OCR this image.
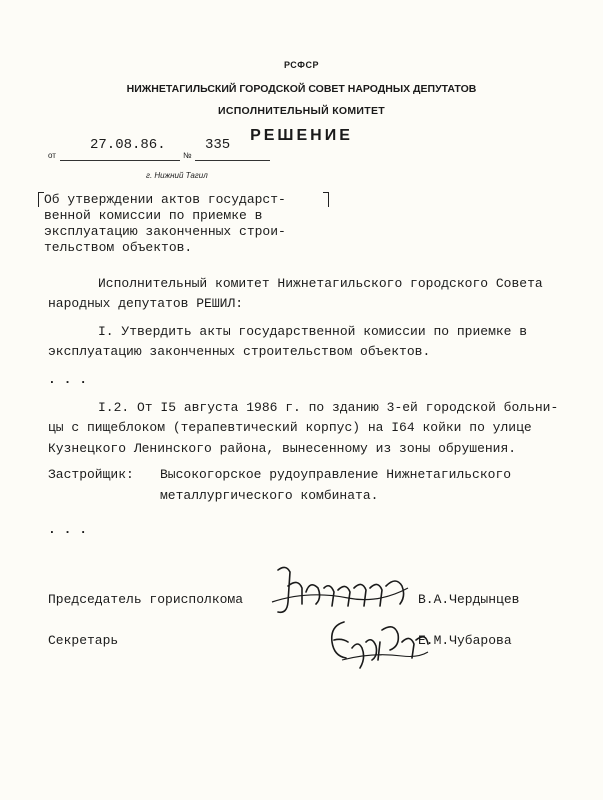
РСФСР
НИЖНЕТАГИЛЬСКИЙ ГОРОДСКОЙ СОВЕТ НАРОДНЫХ ДЕПУТАТОВ
ИСПОЛНИТЕЛЬНЫЙ КОМИТЕТ
РЕШЕНИЕ
от
27.08.86.
№
335
г. Нижний Тагил
Об утверждении актов государст-
венной комиссии по приемке в
эксплуатацию законченных строи-
тельством объектов.
Исполнительный комитет Нижнетагильского городского Совета
народных депутатов РЕШИЛ:
I. Утвердить акты государственной комиссии по приемке в
эксплуатацию законченных строительством объектов.
. . .
I.2. От I5 августа 1986 г. по зданию 3-ей городской больни-
цы с пищеблоком (терапевтический корпус) на I64 койки по улице
Кузнецкого Ленинского района, вынесенному из зоны обрушения.
Застройщик: Высокогорское рудоуправление Нижнетагильского
металлургического комбината.
. . .
Председатель горисполкома	В.А.Чердынцев
Секретарь	Е.М.Чубарова
